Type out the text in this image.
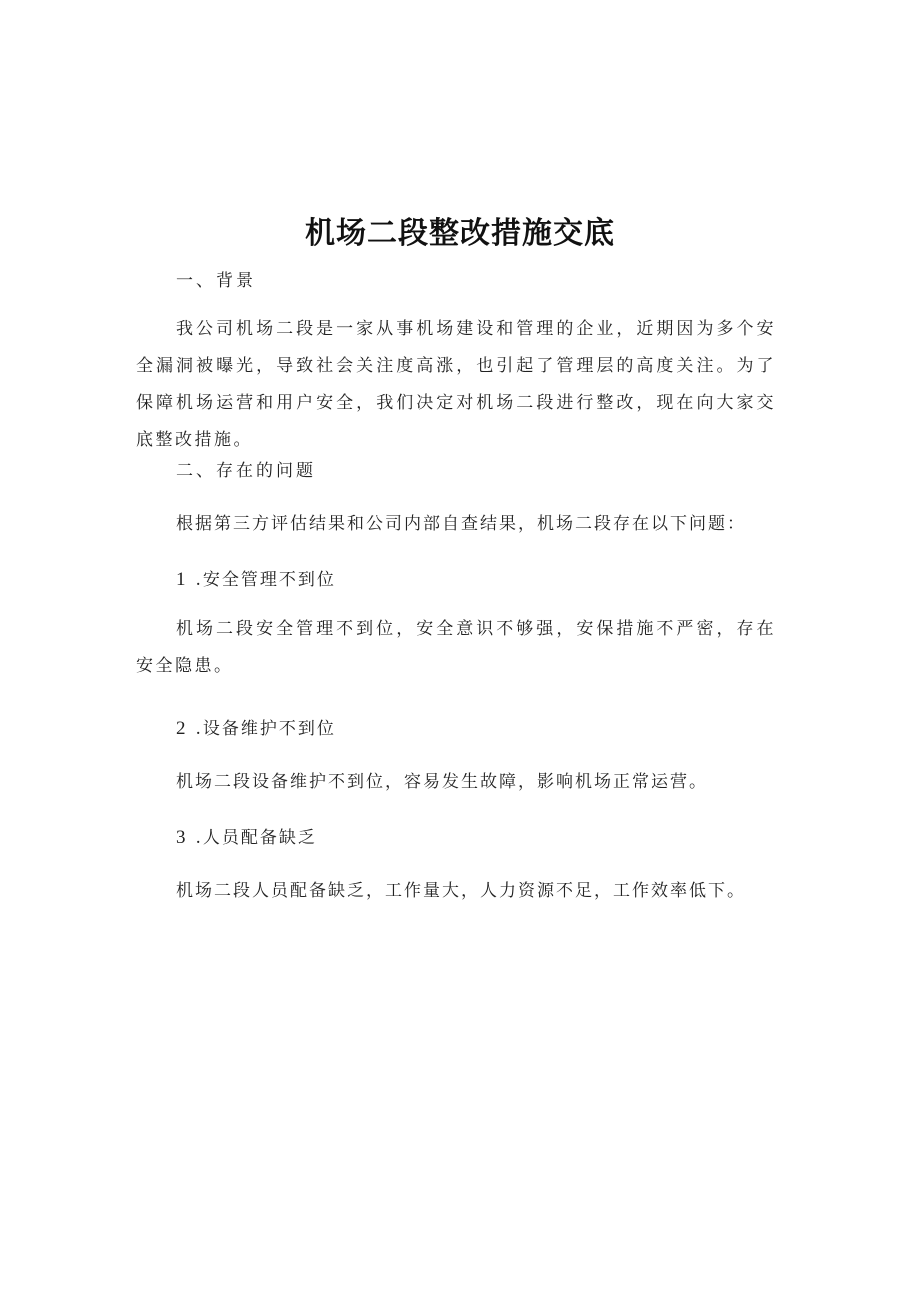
机场二段整改措施交底
一、背景
我公司机场二段是一家从事机场建设和管理的企业，近期因为多个安全漏洞被曝光，导致社会关注度高涨，也引起了管理层的高度关注。为了保障机场运营和用户安全，我们决定对机场二段进行整改，现在向大家交底整改措施。
二、存在的问题
根据第三方评估结果和公司内部自查结果，机场二段存在以下问题：
1 .安全管理不到位
机场二段安全管理不到位，安全意识不够强，安保措施不严密，存在安全隐患。
2 .设备维护不到位
机场二段设备维护不到位，容易发生故障，影响机场正常运营。
3 .人员配备缺乏
机场二段人员配备缺乏，工作量大，人力资源不足，工作效率低下。
